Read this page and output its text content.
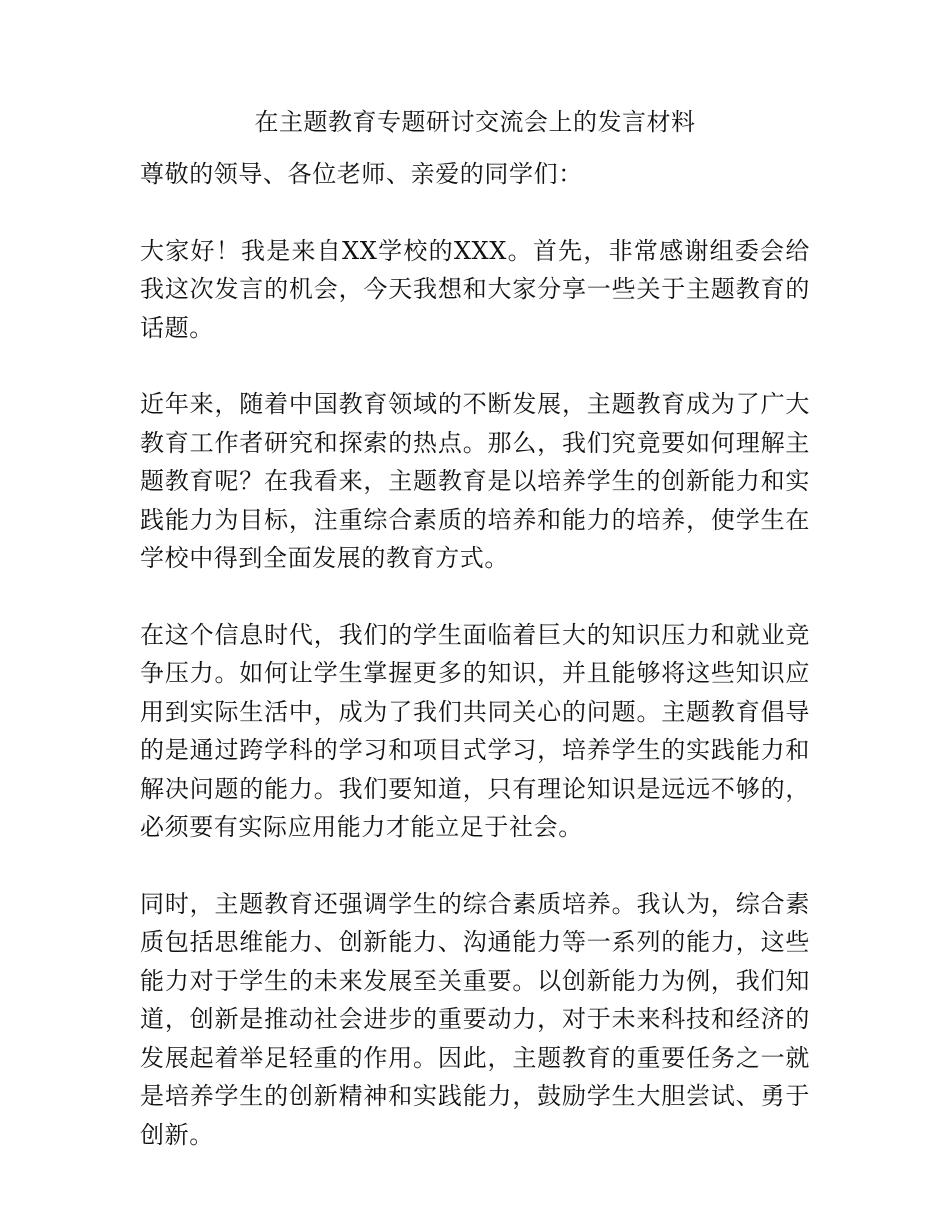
在主题教育专题研讨交流会上的发言材料

尊敬的领导、各位老师、亲爱的同学们：

大家好！我是来自XX学校的XXX。首先，非常感谢组委会给我这次发言的机会，今天我想和大家分享一些关于主题教育的话题。

近年来，随着中国教育领域的不断发展，主题教育成为了广大教育工作者研究和探索的热点。那么，我们究竟要如何理解主题教育呢？在我看来，主题教育是以培养学生的创新能力和实践能力为目标，注重综合素质的培养和能力的培养，使学生在学校中得到全面发展的教育方式。

在这个信息时代，我们的学生面临着巨大的知识压力和就业竞争压力。如何让学生掌握更多的知识，并且能够将这些知识应用到实际生活中，成为了我们共同关心的问题。主题教育倡导的是通过跨学科的学习和项目式学习，培养学生的实践能力和解决问题的能力。我们要知道，只有理论知识是远远不够的，必须要有实际应用能力才能立足于社会。

同时，主题教育还强调学生的综合素质培养。我认为，综合素质包括思维能力、创新能力、沟通能力等一系列的能力，这些能力对于学生的未来发展至关重要。以创新能力为例，我们知道，创新是推动社会进步的重要动力，对于未来科技和经济的发展起着举足轻重的作用。因此，主题教育的重要任务之一就是培养学生的创新精神和实践能力，鼓励学生大胆尝试、勇于创新。
